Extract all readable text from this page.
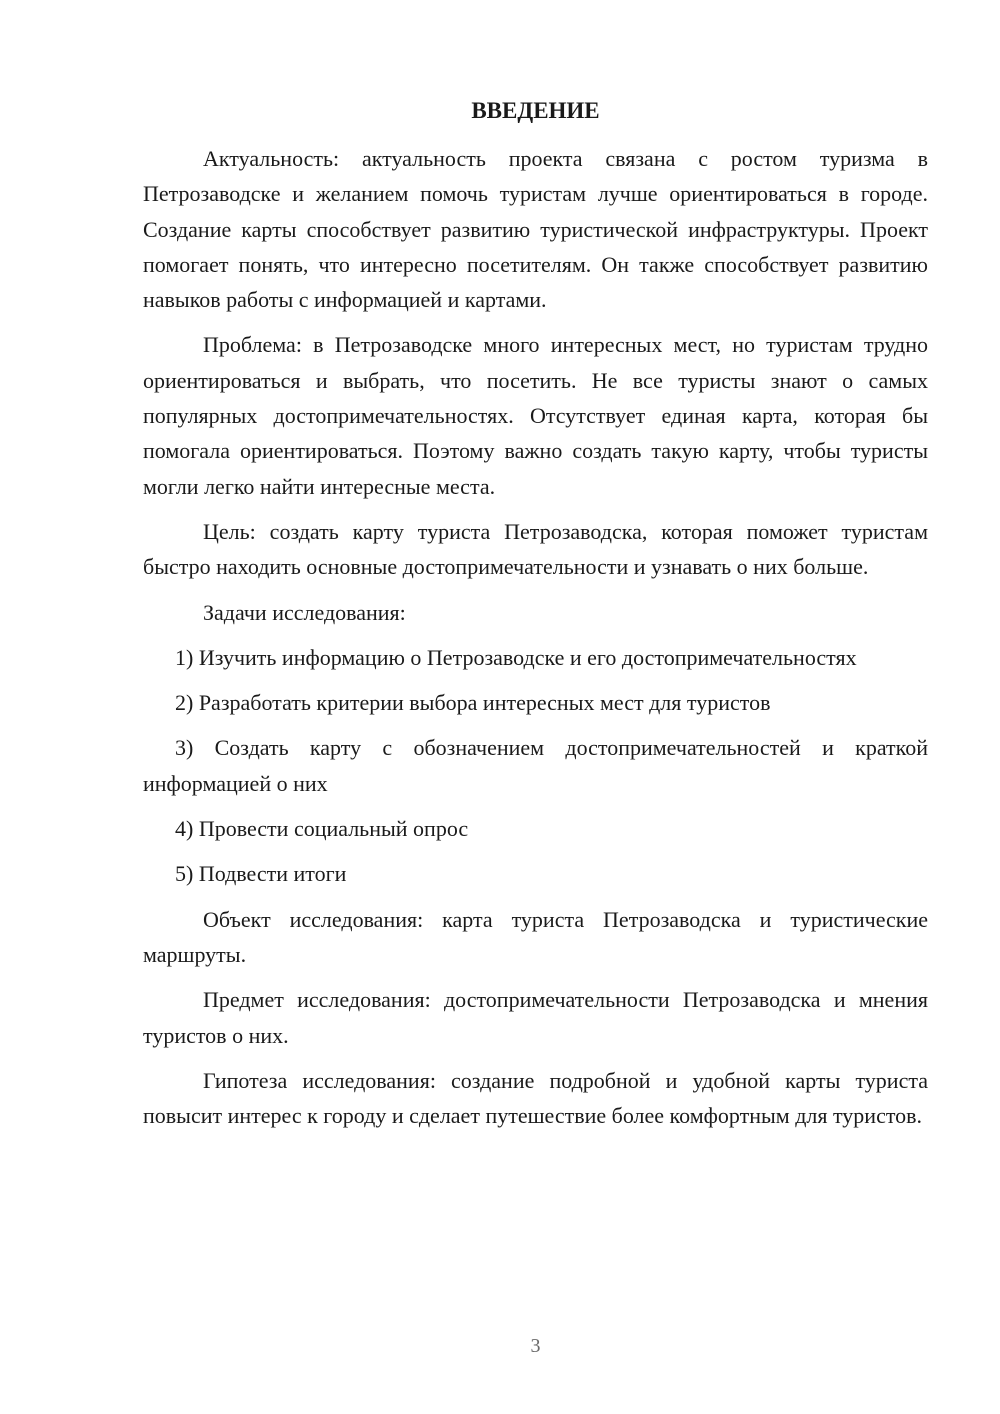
ВВЕДЕНИЕ

Актуальность: актуальность проекта связана с ростом туризма в Петрозаводске и желанием помочь туристам лучше ориентироваться в городе. Создание карты способствует развитию туристической инфраструктуры. Проект помогает понять, что интересно посетителям. Он также способствует развитию навыков работы с информацией и картами.

Проблема: в Петрозаводске много интересных мест, но туристам трудно ориентироваться и выбрать, что посетить. Не все туристы знают о самых популярных достопримечательностях. Отсутствует единая карта, которая бы помогала ориентироваться. Поэтому важно создать такую карту, чтобы туристы могли легко найти интересные места.

Цель: создать карту туриста Петрозаводска, которая поможет туристам быстро находить основные достопримечательности и узнавать о них больше.

Задачи исследования:

1) Изучить информацию о Петрозаводске и его достопримечательностях

2) Разработать критерии выбора интересных мест для туристов

3) Создать карту с обозначением достопримечательностей и краткой информацией о них

4) Провести социальный опрос

5) Подвести итоги

Объект исследования: карта туриста Петрозаводска и туристические маршруты.

Предмет исследования: достопримечательности Петрозаводска и мнения туристов о них.

Гипотеза исследования: создание подробной и удобной карты туриста повысит интерес к городу и сделает путешествие более комфортным для туристов.

3
